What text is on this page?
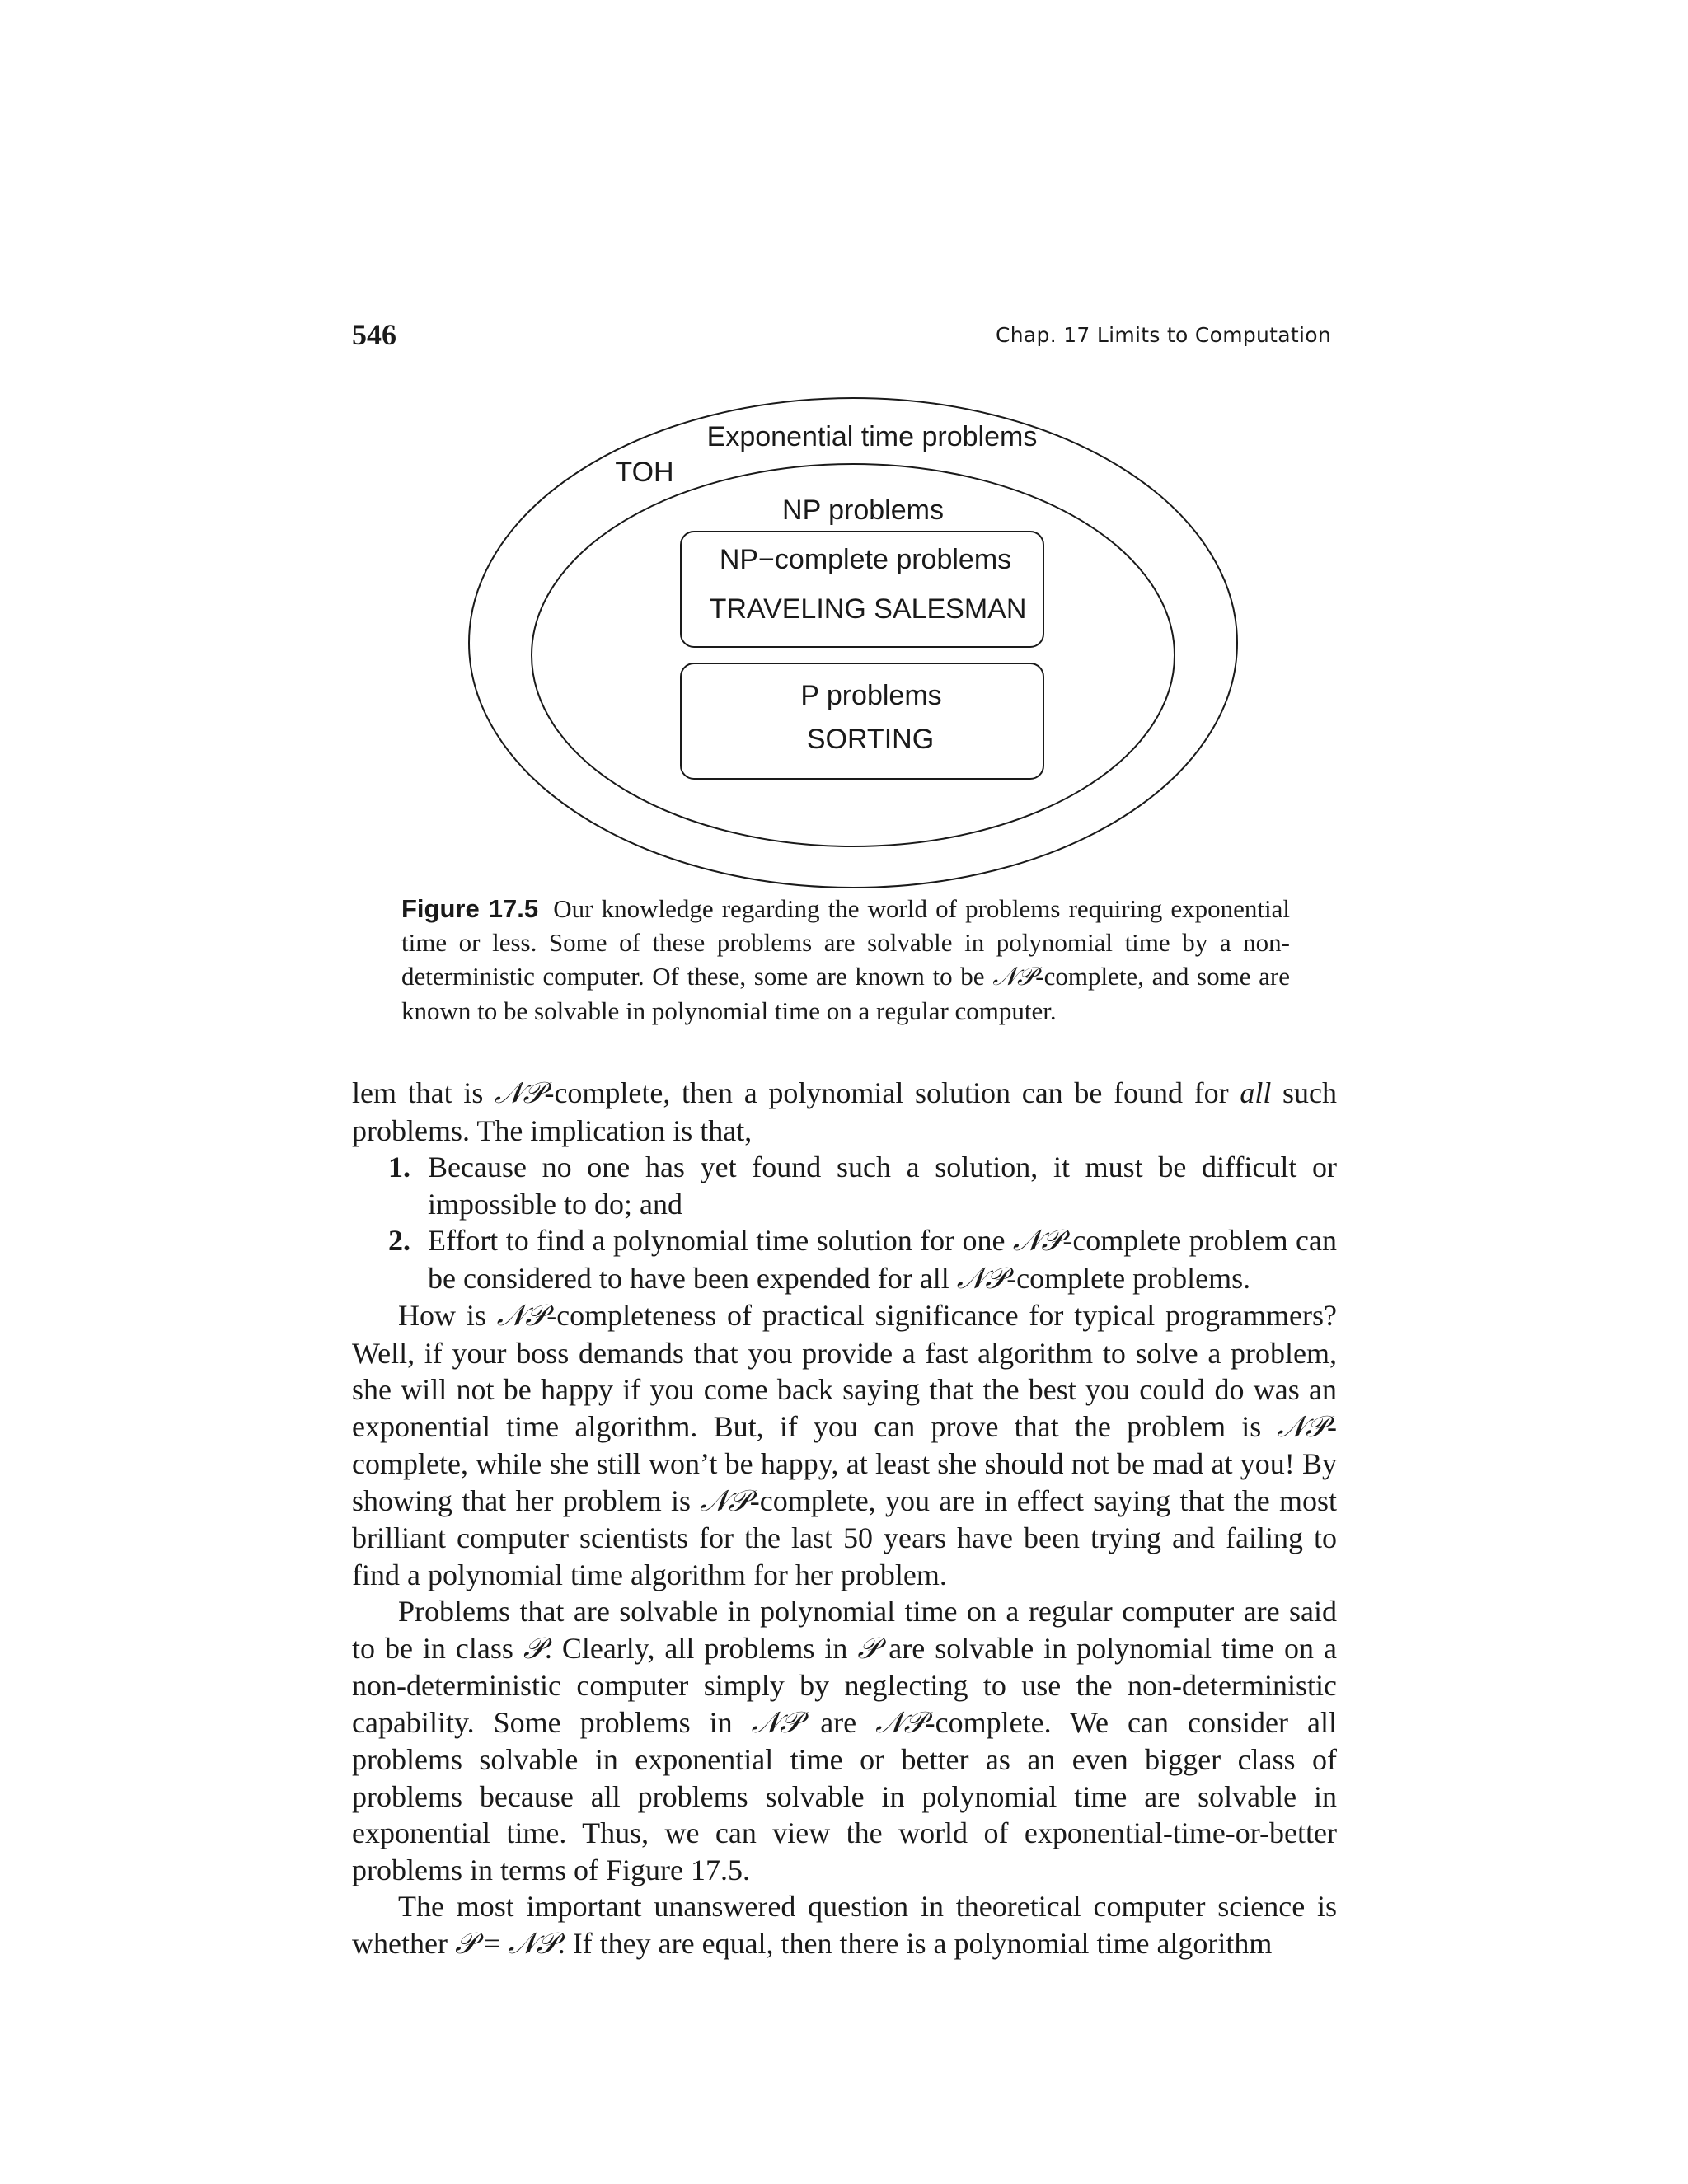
546	Chap. 17 Limits to Computation
Exponential time problems
TOH
NP problems
NP−complete problems
TRAVELING SALESMAN
P problems
SORTING
Figure 17.5 Our knowledge regarding the world of problems requiring exponential time or less. Some of these problems are solvable in polynomial time by a non-deterministic computer. Of these, some are known to be 𝒩𝒫-complete, and some are known to be solvable in polynomial time on a regular computer.

lem that is 𝒩𝒫-complete, then a polynomial solution can be found for all such problems. The implication is that,

1. Because no one has yet found such a solution, it must be difficult or impossible to do; and
2. Effort to find a polynomial time solution for one 𝒩𝒫-complete problem can be considered to have been expended for all 𝒩𝒫-complete problems.

How is 𝒩𝒫-completeness of practical significance for typical programmers? Well, if your boss demands that you provide a fast algorithm to solve a problem, she will not be happy if you come back saying that the best you could do was an exponential time algorithm. But, if you can prove that the problem is 𝒩𝒫-complete, while she still won’t be happy, at least she should not be mad at you! By showing that her problem is 𝒩𝒫-complete, you are in effect saying that the most brilliant computer scientists for the last 50 years have been trying and failing to find a polynomial time algorithm for her problem.

Problems that are solvable in polynomial time on a regular computer are said to be in class 𝒫. Clearly, all problems in 𝒫 are solvable in polynomial time on a non-deterministic computer simply by neglecting to use the non-deterministic capability. Some problems in 𝒩𝒫 are 𝒩𝒫-complete. We can consider all problems solvable in exponential time or better as an even bigger class of problems because all problems solvable in polynomial time are solvable in exponential time. Thus, we can view the world of exponential-time-or-better problems in terms of Figure 17.5.

The most important unanswered question in theoretical computer science is whether 𝒫 = 𝒩𝒫. If they are equal, then there is a polynomial time algorithm
